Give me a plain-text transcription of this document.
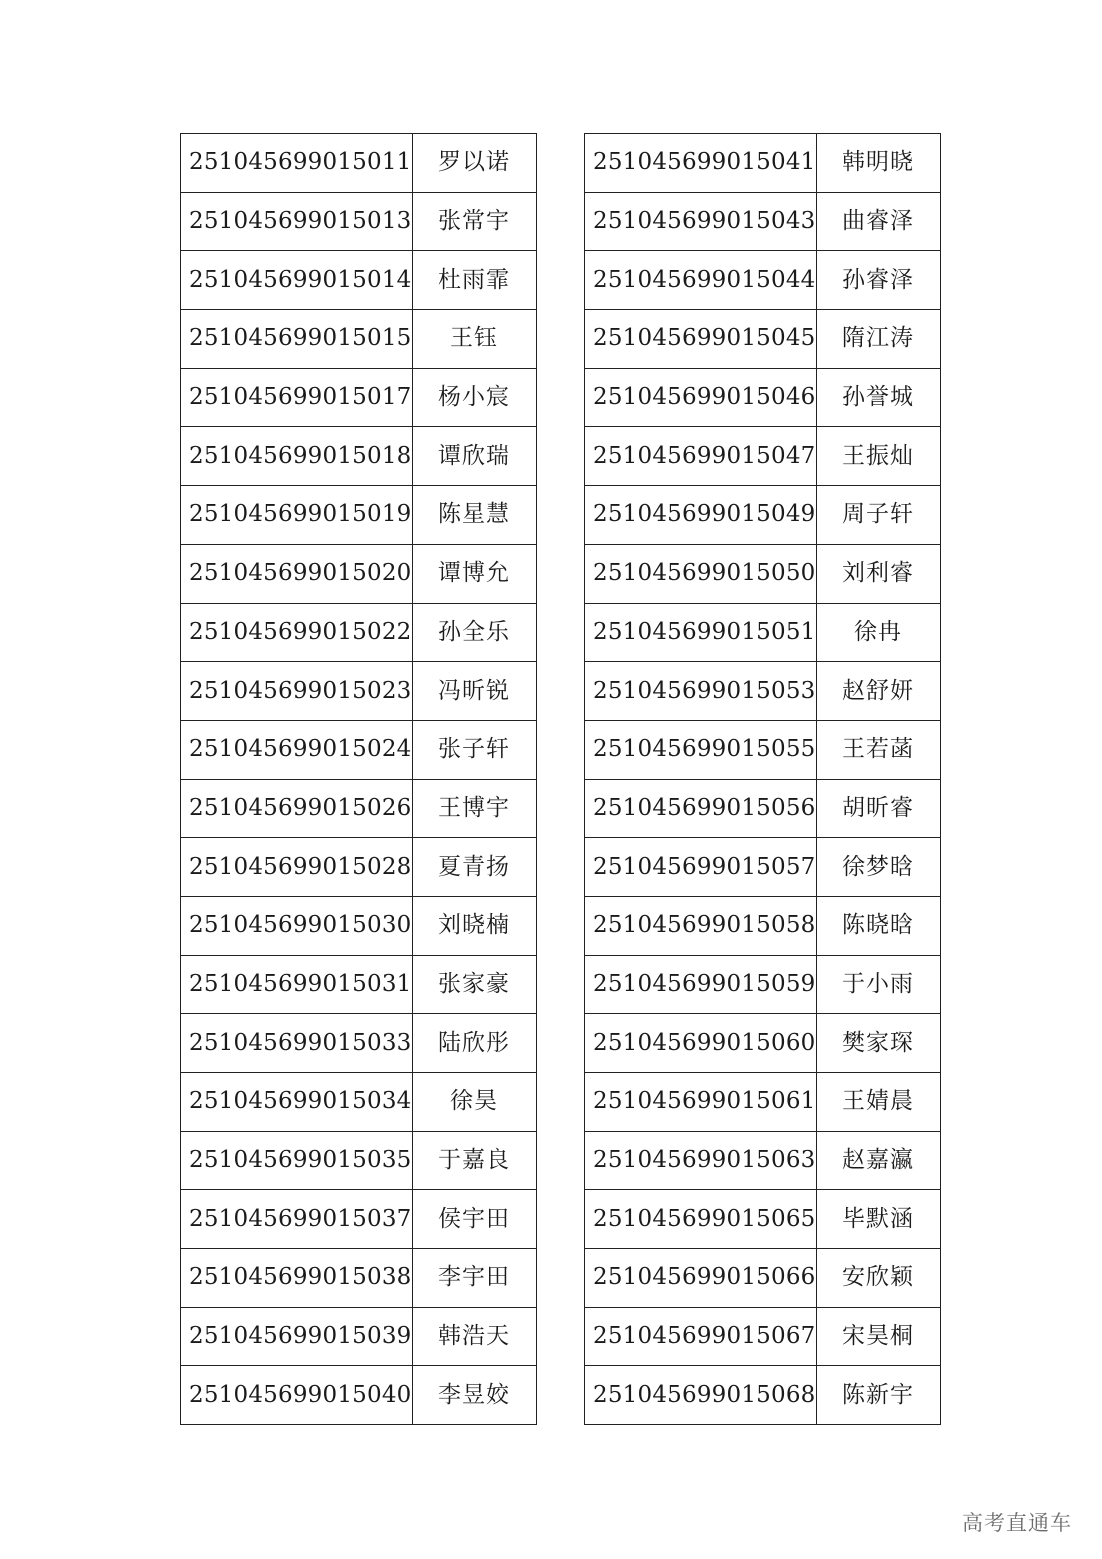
251045699015011	罗以诺
251045699015013	张常宇
251045699015014	杜雨霏
251045699015015	王钰
251045699015017	杨小宸
251045699015018	谭欣瑞
251045699015019	陈星慧
251045699015020	谭博允
251045699015022	孙全乐
251045699015023	冯昕锐
251045699015024	张子轩
251045699015026	王博宇
251045699015028	夏青扬
251045699015030	刘晓楠
251045699015031	张家豪
251045699015033	陆欣彤
251045699015034	徐昊
251045699015035	于嘉良
251045699015037	侯宇田
251045699015038	李宇田
251045699015039	韩浩天
251045699015040	李昱姣
251045699015041	韩明晓
251045699015043	曲睿泽
251045699015044	孙睿泽
251045699015045	隋江涛
251045699015046	孙誉城
251045699015047	王振灿
251045699015049	周子轩
251045699015050	刘利睿
251045699015051	徐冉
251045699015053	赵舒妍
251045699015055	王若菡
251045699015056	胡昕睿
251045699015057	徐梦晗
251045699015058	陈晓晗
251045699015059	于小雨
251045699015060	樊家琛
251045699015061	王婧晨
251045699015063	赵嘉瀛
251045699015065	毕默涵
251045699015066	安欣颖
251045699015067	宋昊桐
251045699015068	陈新宇
高考直通车
